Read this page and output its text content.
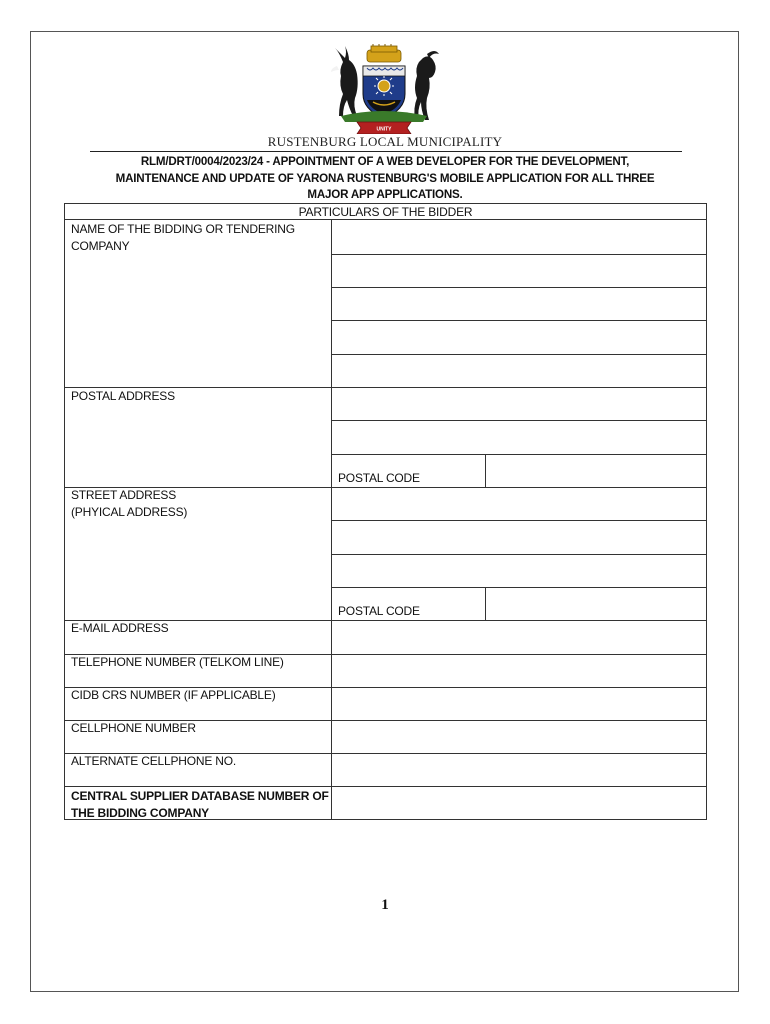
UNITY
RUSTENBURG LOCAL MUNICIPALITY
RLM/DRT/0004/2023/24 - APPOINTMENT OF A WEB DEVELOPER FOR THE DEVELOPMENT,
MAINTENANCE AND UPDATE OF YARONA RUSTENBURG'S MOBILE APPLICATION FOR ALL THREE
MAJOR APP APPLICATIONS.
PARTICULARS OF THE BIDDER
NAME OF THE BIDDING OR TENDERING
COMPANY
POSTAL ADDRESS
POSTAL CODE
STREET ADDRESS
(PHYICAL ADDRESS)
POSTAL CODE
E-MAIL ADDRESS
TELEPHONE NUMBER (TELKOM LINE)
CIDB CRS NUMBER (IF APPLICABLE)
CELLPHONE NUMBER
ALTERNATE CELLPHONE NO.
CENTRAL SUPPLIER DATABASE NUMBER OF
THE BIDDING COMPANY
1
